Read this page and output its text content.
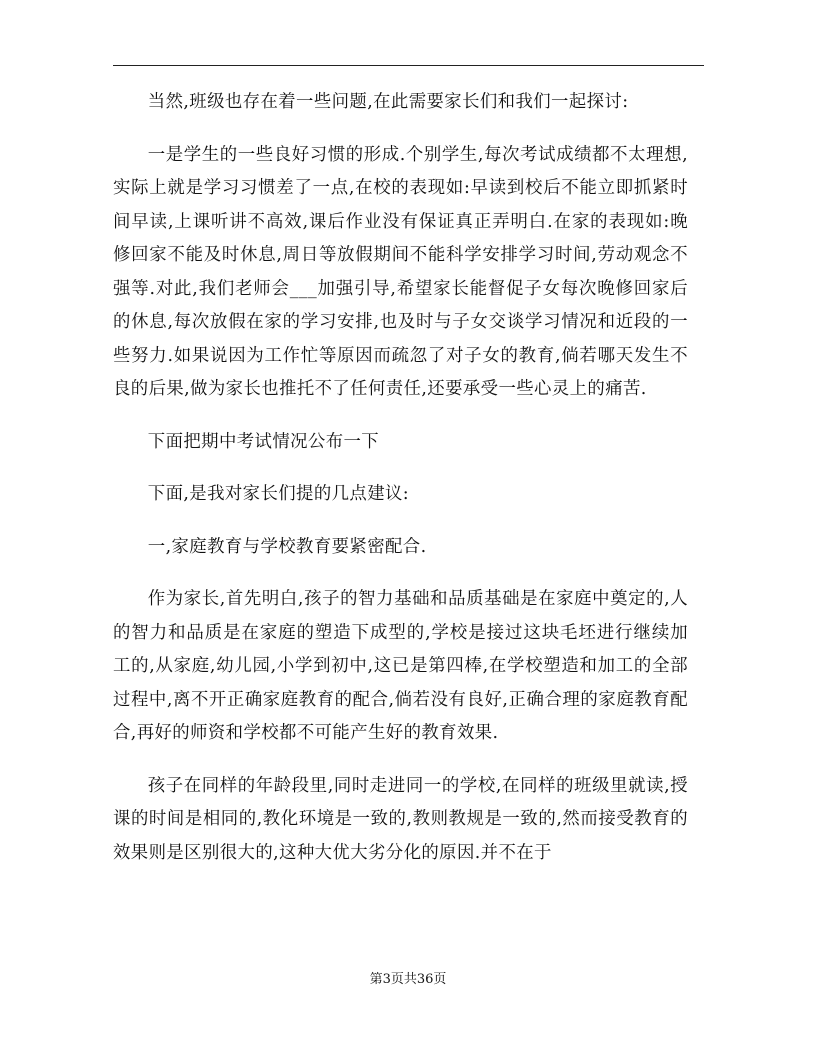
当然,班级也存在着一些问题,在此需要家长们和我们一起探讨:

一是学生的一些良好习惯的形成.个别学生,每次考试成绩都不太理想,实际上就是学习习惯差了一点,在校的表现如:早读到校后不能立即抓紧时间早读,上课听讲不高效,课后作业没有保证真正弄明白.在家的表现如:晚修回家不能及时休息,周日等放假期间不能科学安排学习时间,劳动观念不强等.对此,我们老师会___加强引导,希望家长能督促子女每次晚修回家后的休息,每次放假在家的学习安排,也及时与子女交谈学习情况和近段的一些努力.如果说因为工作忙等原因而疏忽了对子女的教育,倘若哪天发生不良的后果,做为家长也推托不了任何责任,还要承受一些心灵上的痛苦.

下面把期中考试情况公布一下

下面,是我对家长们提的几点建议:

一,家庭教育与学校教育要紧密配合.

作为家长,首先明白,孩子的智力基础和品质基础是在家庭中奠定的,人的智力和品质是在家庭的塑造下成型的,学校是接过这块毛坯进行继续加工的,从家庭,幼儿园,小学到初中,这已是第四棒,在学校塑造和加工的全部过程中,离不开正确家庭教育的配合,倘若没有良好,正确合理的家庭教育配合,再好的师资和学校都不可能产生好的教育效果.

孩子在同样的年龄段里,同时走进同一的学校,在同样的班级里就读,授课的时间是相同的,教化环境是一致的,教则教规是一致的,然而接受教育的效果则是区别很大的,这种大优大劣分化的原因.并不在于

第3页共36页
